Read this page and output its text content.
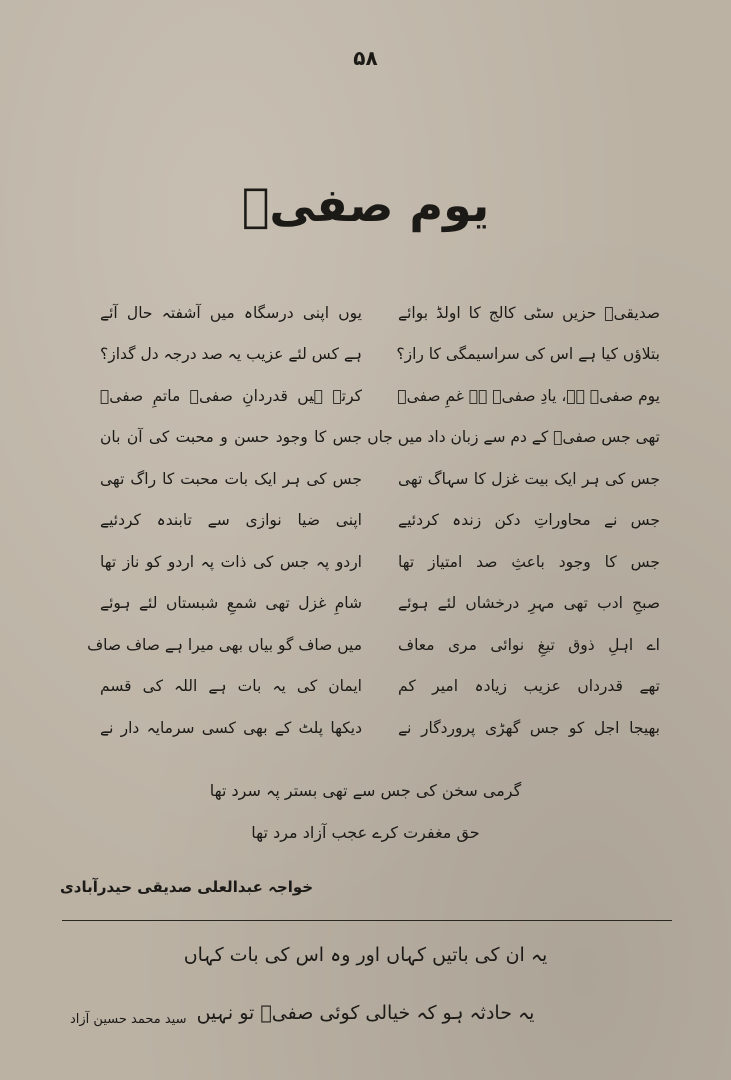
۵۸
یوم صفیؔ
صدیقیؔ حزیں سٹی کالج کا اولڈ بوائے
یوں اپنی درسگاہ میں آشفتہ حال آئے
بتلاؤں کیا ہے اس کی سراسیمگی کا راز؟
ہے کس لئے عزیب یہ صد درجہ دل گداز؟
یوم صفیؔ ہے، یادِ صفیؔ ہے غمِ صفیؔ
کرتے ہیں قدردانِ صفیؔ ماتمِ صفیؔ
تھی جس صفیؔ کے دم سے زبان داد میں جاں
جس کا وجود حسن و محبت کی آن بان
جس کی ہر ایک بیت غزل کا سہاگ تھی
جس کی ہر ایک بات محبت کا راگ تھی
جس نے محاوراتِ دکن زندہ کردئیے
اپنی ضیا نوازی سے تابندہ کردئیے
جس کا وجود باعثِ صد امتیاز تھا
اردو پہ جس کی ذات پہ اردو کو ناز تھا
صبحِ ادب تھی مہرِ درخشاں لئے ہوئے
شامِ غزل تھی شمعِ شبستاں لئے ہوئے
اے اہلِ ذوق تیغِ نوائی مری معاف
میں صاف گو بیاں بھی میرا ہے صاف صاف
تھے قدرداں عزیب زیادہ امیر کم
ایمان کی یہ بات ہے اللہ کی قسم
بھیجا اجل کو جس گھڑی پروردگار نے
دیکھا پلٹ کے بھی کسی سرمایہ دار نے
گرمی سخن کی جس سے تھی بستر پہ سرد تھا
حق مغفرت کرے عجب آزاد مرد تھا
خواجہ عبدالعلی صدیقی حیدرآبادی
یہ ان کی باتیں کہاں اور وہ اس کی بات کہاں
یہ حادثہ ہو کہ خیالی کوئی صفیؔ تو نہیں
سید محمد حسین آزاد
